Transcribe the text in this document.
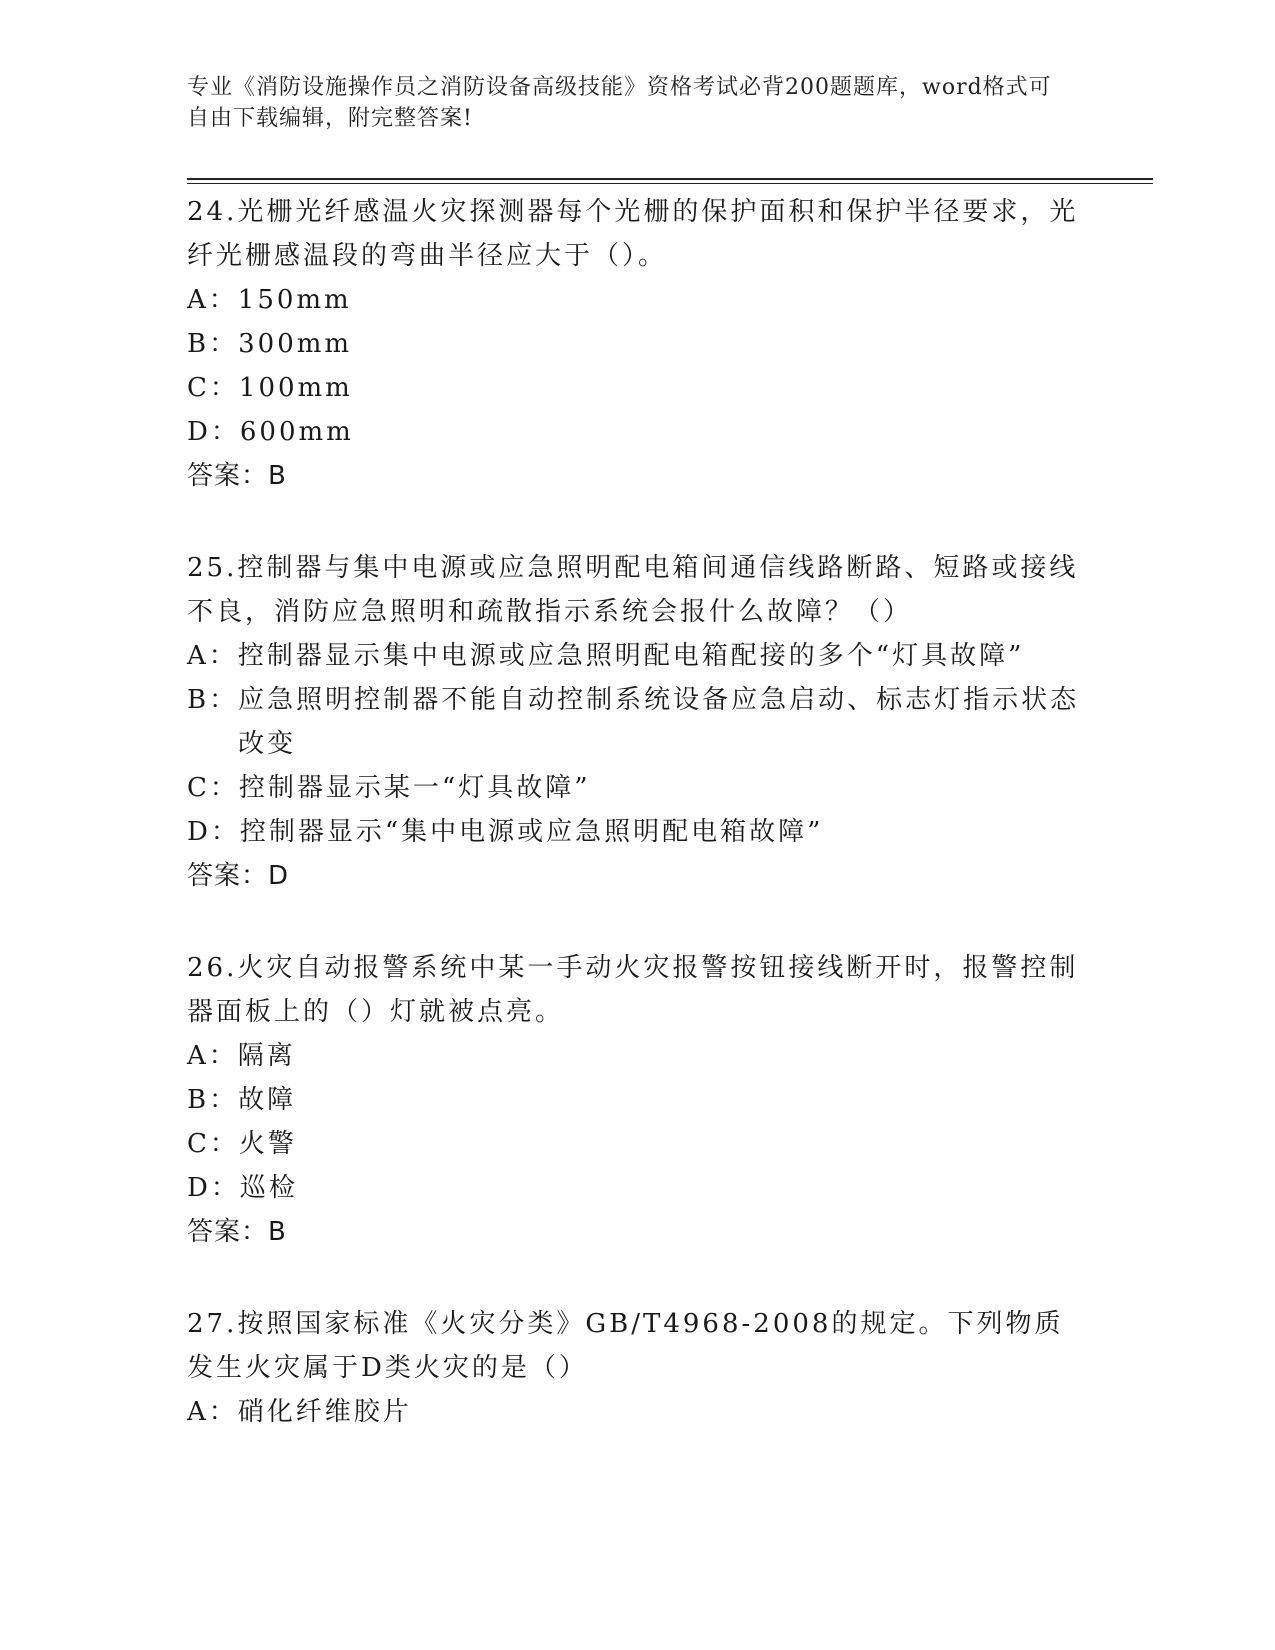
专业《消防设施操作员之消防设备高级技能》资格考试必背200题题库，word格式可自由下载编辑，附完整答案!

24.光栅光纤感温火灾探测器每个光栅的保护面积和保护半径要求，光纤光栅感温段的弯曲半径应大于（）。

A： 150mm
B： 300mm
C： 100mm
D： 600mm

答案：B

25.控制器与集中电源或应急照明配电箱间通信线路断路、短路或接线不良，消防应急照明和疏散指示系统会报什么故障？（）

A： 控制器显示集中电源或应急照明配电箱配接的多个“灯具故障”
B： 应急照明控制器不能自动控制系统设备应急启动、标志灯指示状态改变
C： 控制器显示某一“灯具故障”
D： 控制器显示“集中电源或应急照明配电箱故障”

答案：D

26.火灾自动报警系统中某一手动火灾报警按钮接线断开时，报警控制器面板上的（）灯就被点亮。

A： 隔离
B： 故障
C： 火警
D： 巡检

答案：B

27.按照国家标准《火灾分类》GB/T4968-2008的规定。下列物质发生火灾属于D类火灾的是（）

A： 硝化纤维胶片
